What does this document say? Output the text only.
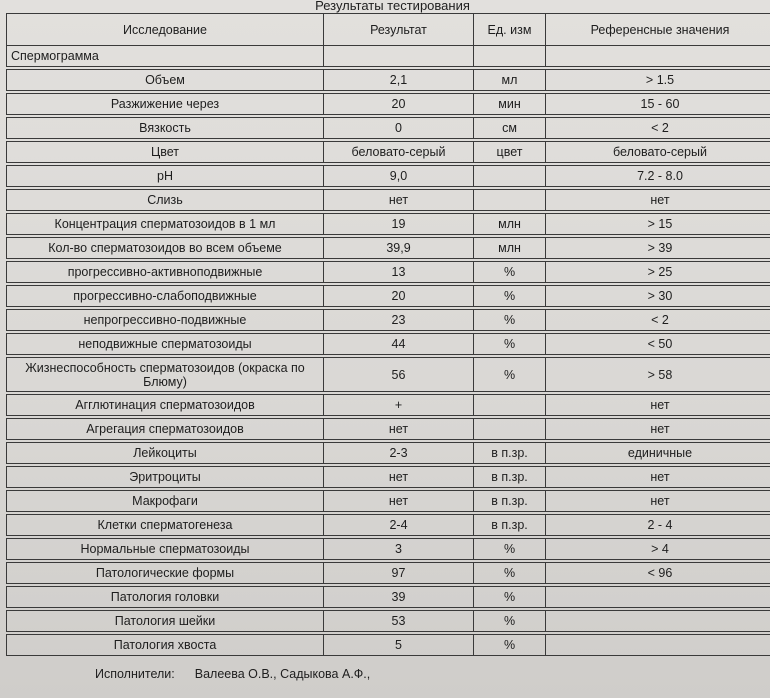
Результаты тестирования
Исследование	Результат	Ед. изм	Референсные значения
Спермограмма			

Объем	2,1	мл	> 1.5

Разжижение через	20	мин	15 - 60

Вязкость	0	см	< 2

Цвет	беловато-серый	цвет	беловато-серый

pH	9,0		7.2 - 8.0

Слизь	нет		нет

Концентрация сперматозоидов в 1 мл	19	млн	> 15

Кол-во сперматозоидов во всем объеме	39,9	млн	> 39

прогрессивно-активноподвижные	13	%	> 25

прогрессивно-слабоподвижные	20	%	> 30

непрогрессивно-подвижные	23	%	< 2

неподвижные сперматозоиды	44	%	< 50

Жизнеспособность сперматозоидов (окраска по Блюму)	56	%	> 58

Агглютинация сперматозоидов	+		нет

Агрегация сперматозоидов	нет		нет

Лейкоциты	2-3	в п.зр.	единичные

Эритроциты	нет	в п.зр.	нет

Макрофаги	нет	в п.зр.	нет

Клетки сперматогенеза	2-4	в п.зр.	2 - 4

Нормальные сперматозоиды	3	%	> 4

Патологические формы	97	%	< 96

Патология головки	39	%	

Патология шейки	53	%	

Патология хвоста	5	%	
Исполнители: Валеева О.В., Садыкова А.Ф.,
